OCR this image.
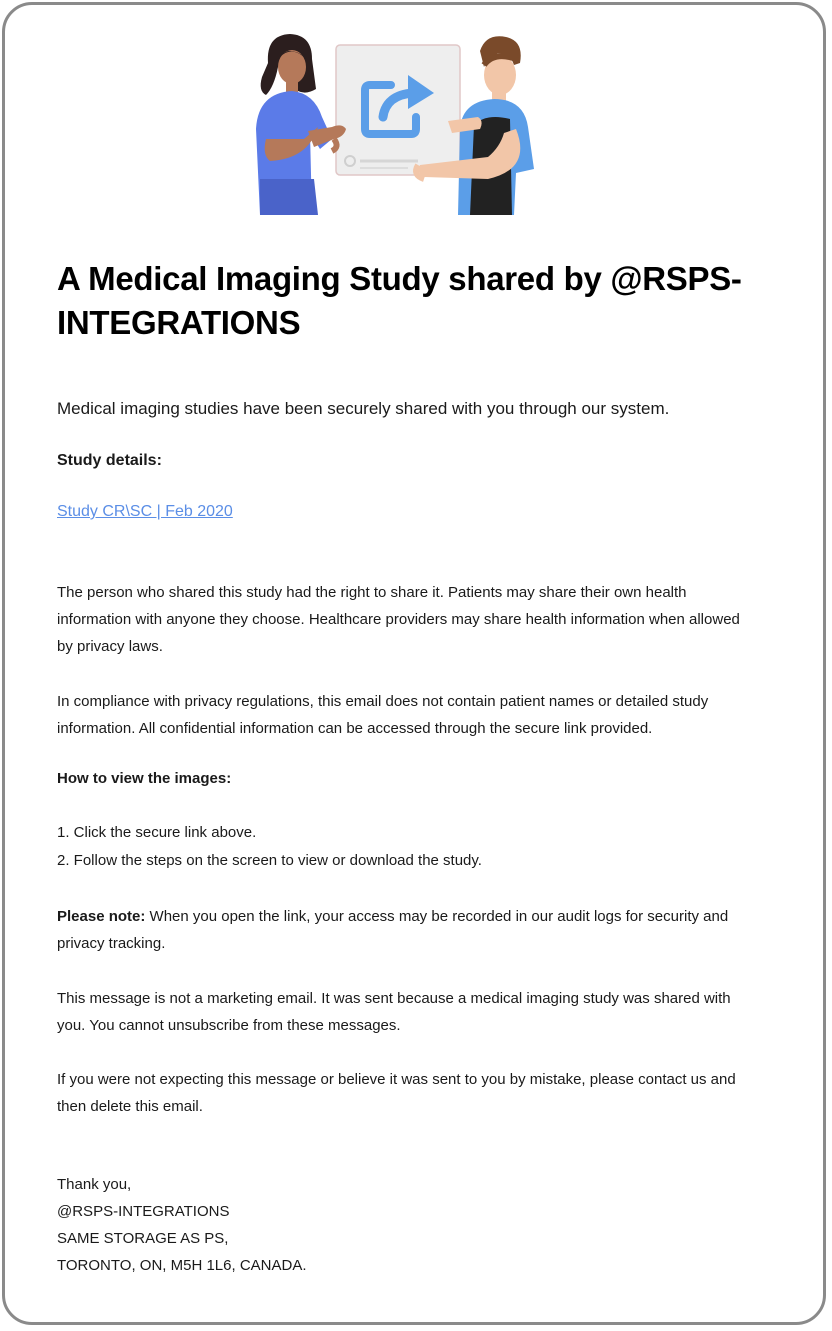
A Medical Imaging Study shared by @RSPS-INTEGRATIONS

Medical imaging studies have been securely shared with you through our system.

Study details:

Study CR\SC | Feb 2020

The person who shared this study had the right to share it. Patients may share their own health information with anyone they choose. Healthcare providers may share health information when allowed by privacy laws.

In compliance with privacy regulations, this email does not contain patient names or detailed study information. All confidential information can be accessed through the secure link provided.

How to view the images:

1. Click the secure link above.
2. Follow the steps on the screen to view or download the study.

Please note: When you open the link, your access may be recorded in our audit logs for security and privacy tracking.

This message is not a marketing email. It was sent because a medical imaging study was shared with you. You cannot unsubscribe from these messages.

If you were not expecting this message or believe it was sent to you by mistake, please contact us and then delete this email.

Thank you,
@RSPS-INTEGRATIONS
SAME STORAGE AS PS,
TORONTO, ON, M5H 1L6, CANADA.
